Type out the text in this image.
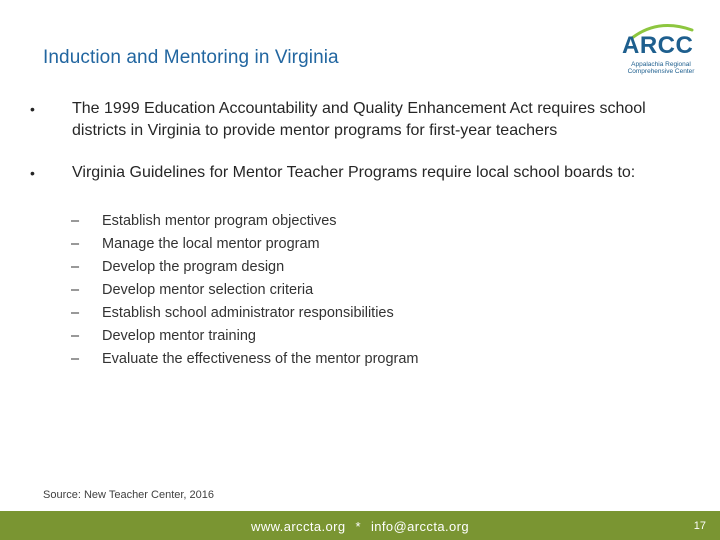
Induction and Mentoring in Virginia	ARCC
Appalachia Regional
Comprehensive Center
•	The 1999 Education Accountability and Quality Enhancement Act requires school districts in Virginia to provide mentor programs for first-year teachers
•	Virginia Guidelines for Mentor Teacher Programs require local school boards to:
– Establish mentor program objectives
– Manage the local mentor program
– Develop the program design
– Develop mentor selection criteria
– Establish school administrator responsibilities
– Develop mentor training
– Evaluate the effectiveness of the mentor program
Source: New Teacher Center, 2016
www.arccta.org * info@arccta.org	17
